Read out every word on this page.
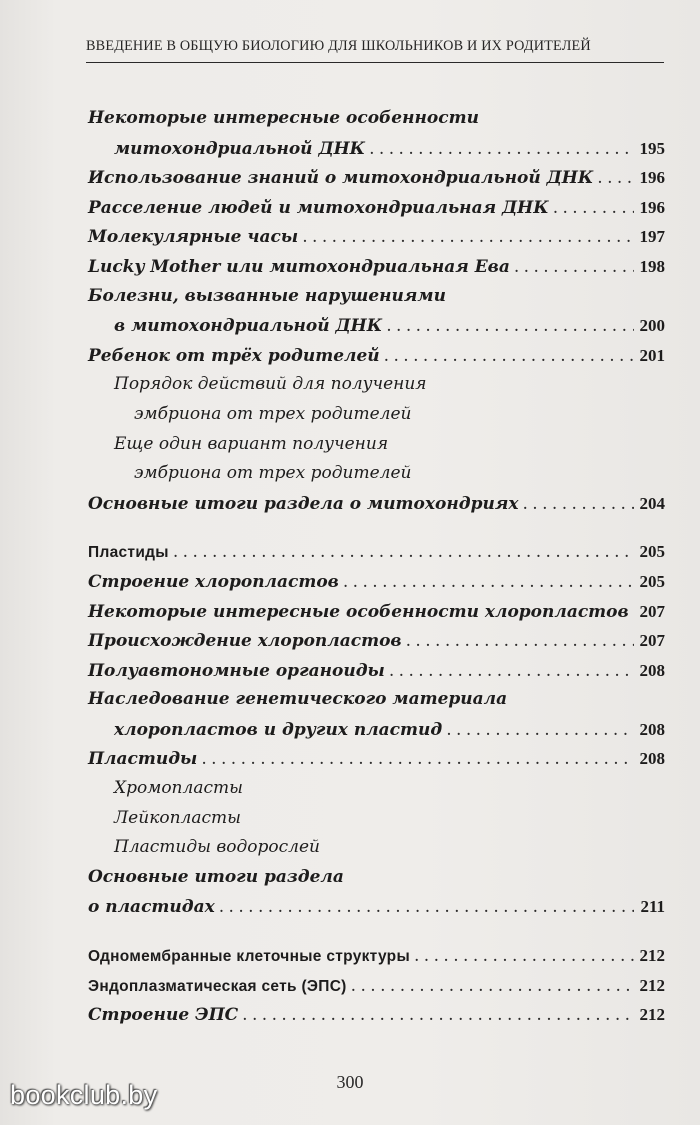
ВВЕДЕНИЕ В ОБЩУЮ БИОЛОГИЮ ДЛЯ ШКОЛЬНИКОВ И ИХ РОДИТЕЛЕЙ
Некоторые интересные особенности
митохондриальной ДНК . . .	195
Использование знаний о митохондриальной ДНК . . .	196
Расселение людей и митохондриальная ДНК . . .	196
Молекулярные часы . . .	197
Lucky Mother или митохондриальная Ева . . .	198
Болезни, вызванные нарушениями
в митохондриальной ДНК . . .	200
Ребенок от трёх родителей . . .	201
Порядок действий для получения
эмбриона от трех родителей
Еще один вариант получения
эмбриона от трех родителей
Основные итоги раздела о митохондриях . . .	204
Пластиды . . .	205
Строение хлоропластов . . .	205
Некоторые интересные особенности хлоропластов . . . 207
Происхождение хлоропластов . . .	207
Полуавтономные органоиды . . .	208
Наследование генетического материала
хлоропластов и других пластид . . .	208
Пластиды . . .	208
Хромопласты
Лейкопласты
Пластиды водорослей
Основные итоги раздела
о пластидах . . .	211
Одномембранные клеточные структуры . . .	212
Эндоплазматическая сеть (ЭПС) . . .	212
Строение ЭПС . . .	212
300
bookclub.by
